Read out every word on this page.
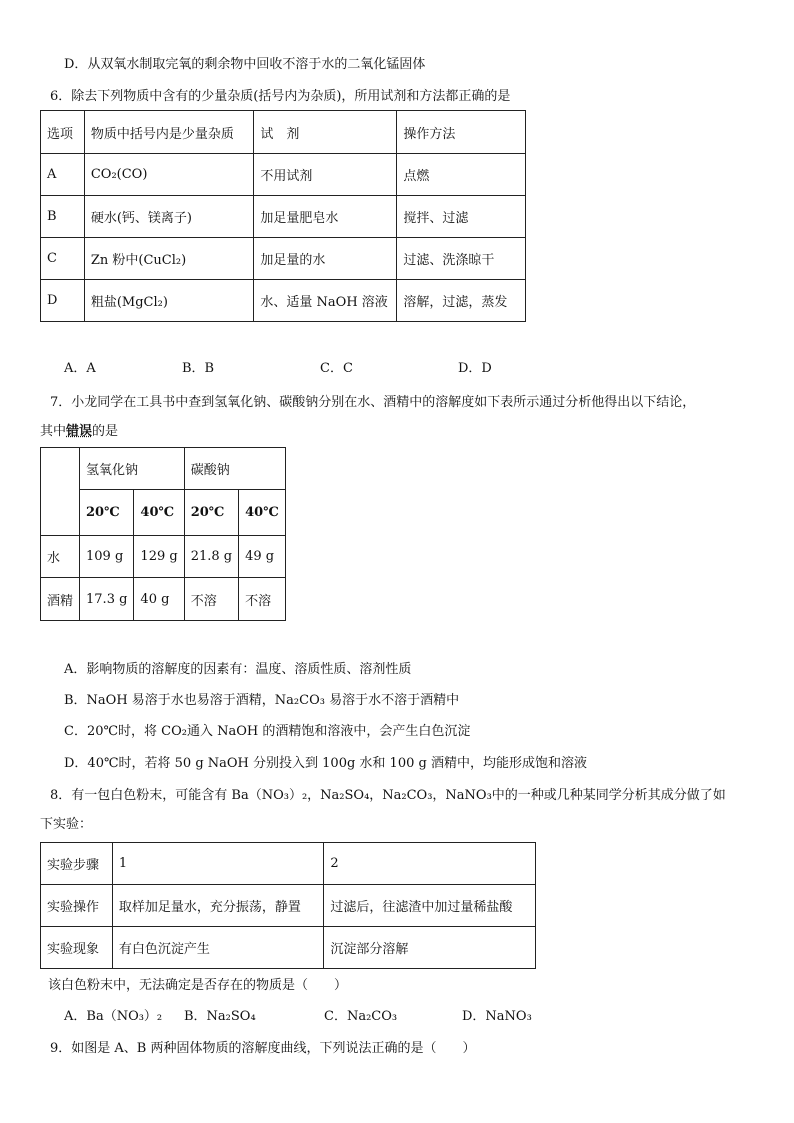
D．从双氧水制取完氧的剩余物中回收不溶于水的二氧化锰固体
6．除去下列物质中含有的少量杂质(括号内为杂质)，所用试剂和方法都正确的是
选项	物质中括号内是少量杂质	试　剂	操作方法
A	CO₂(CO)	不用试剂	点燃
B	硬水(钙、镁离子)	加足量肥皂水	搅拌、过滤
C	Zn 粉中(CuCl₂)	加足量的水	过滤、洗涤晾干
D	粗盐(MgCl₂)	水、适量 NaOH 溶液	溶解，过滤，蒸发
A．A	B．B	C．C	D．D
7．小龙同学在工具书中查到氢氧化钠、碳酸钠分别在水、酒精中的溶解度如下表所示通过分析他得出以下结论，
其中错误的是
	氢氧化钠		碳酸钠	
	20℃	40℃	20℃	40℃
水	109 g	129 g	21.8 g	49 g
酒精	17.3 g	40 g	不溶	不溶
A．影响物质的溶解度的因素有：温度、溶质性质、溶剂性质
B．NaOH 易溶于水也易溶于酒精，Na₂CO₃ 易溶于水不溶于酒精中
C．20℃时，将 CO₂通入 NaOH 的酒精饱和溶液中，会产生白色沉淀
D．40℃时，若将 50 g NaOH 分别投入到 100g 水和 100 g 酒精中，均能形成饱和溶液
8．有一包白色粉末，可能含有 Ba（NO₃）₂，Na₂SO₄，Na₂CO₃，NaNO₃中的一种或几种某同学分析其成分做了如
下实验：
实验步骤	1	2
实验操作	取样加足量水，充分振荡，静置	过滤后，往滤渣中加过量稀盐酸
实验现象	有白色沉淀产生	沉淀部分溶解
该白色粉末中，无法确定是否存在的物质是（　　）
A．Ba（NO₃）₂ B．Na₂SO₄	C．Na₂CO₃	D．NaNO₃
9．如图是 A、B 两种固体物质的溶解度曲线，下列说法正确的是（　　）
